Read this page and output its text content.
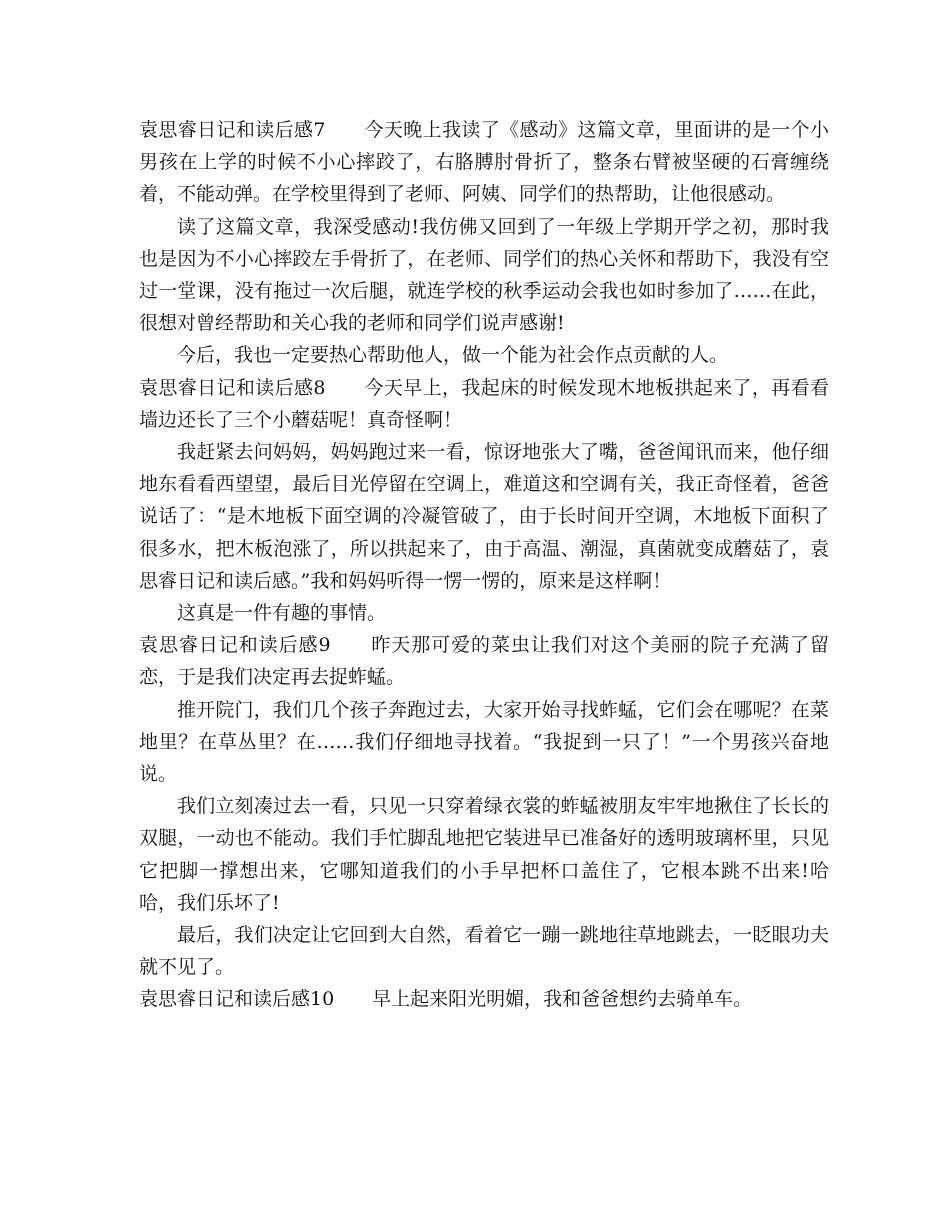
袁思睿日记和读后感7　　今天晚上我读了《感动》这篇文章，里面讲的是一个小男孩在上学的时候不小心摔跤了，右胳膊肘骨折了，整条右臂被坚硬的石膏缠绕着，不能动弹。在学校里得到了老师、阿姨、同学们的热帮助，让他很感动。

读了这篇文章，我深受感动!我仿佛又回到了一年级上学期开学之初，那时我也是因为不小心摔跤左手骨折了，在老师、同学们的热心关怀和帮助下，我没有空过一堂课，没有拖过一次后腿，就连学校的秋季运动会我也如时参加了……在此，很想对曾经帮助和关心我的老师和同学们说声感谢!

今后，我也一定要热心帮助他人，做一个能为社会作点贡献的人。

袁思睿日记和读后感8　　今天早上，我起床的时候发现木地板拱起来了，再看看墙边还长了三个小蘑菇呢！真奇怪啊！

我赶紧去问妈妈，妈妈跑过来一看，惊讶地张大了嘴，爸爸闻讯而来，他仔细地东看看西望望，最后目光停留在空调上，难道这和空调有关，我正奇怪着，爸爸说话了：“是木地板下面空调的冷凝管破了，由于长时间开空调，木地板下面积了很多水，把木板泡涨了，所以拱起来了，由于高温、潮湿，真菌就变成蘑菇了，袁思睿日记和读后感。”我和妈妈听得一愣一愣的，原来是这样啊！

这真是一件有趣的事情。

袁思睿日记和读后感9　　昨天那可爱的菜虫让我们对这个美丽的院子充满了留恋，于是我们决定再去捉蚱蜢。

推开院门，我们几个孩子奔跑过去，大家开始寻找蚱蜢，它们会在哪呢？在菜地里？在草丛里？在……我们仔细地寻找着。“我捉到一只了！”一个男孩兴奋地说。

我们立刻凑过去一看，只见一只穿着绿衣裳的蚱蜢被朋友牢牢地揪住了长长的双腿，一动也不能动。我们手忙脚乱地把它装进早已准备好的透明玻璃杯里，只见它把脚一撑想出来，它哪知道我们的小手早把杯口盖住了，它根本跳不出来!哈哈，我们乐坏了!

最后，我们决定让它回到大自然，看着它一蹦一跳地往草地跳去，一眨眼功夫就不见了。

袁思睿日记和读后感10　　早上起来阳光明媚，我和爸爸想约去骑单车。
